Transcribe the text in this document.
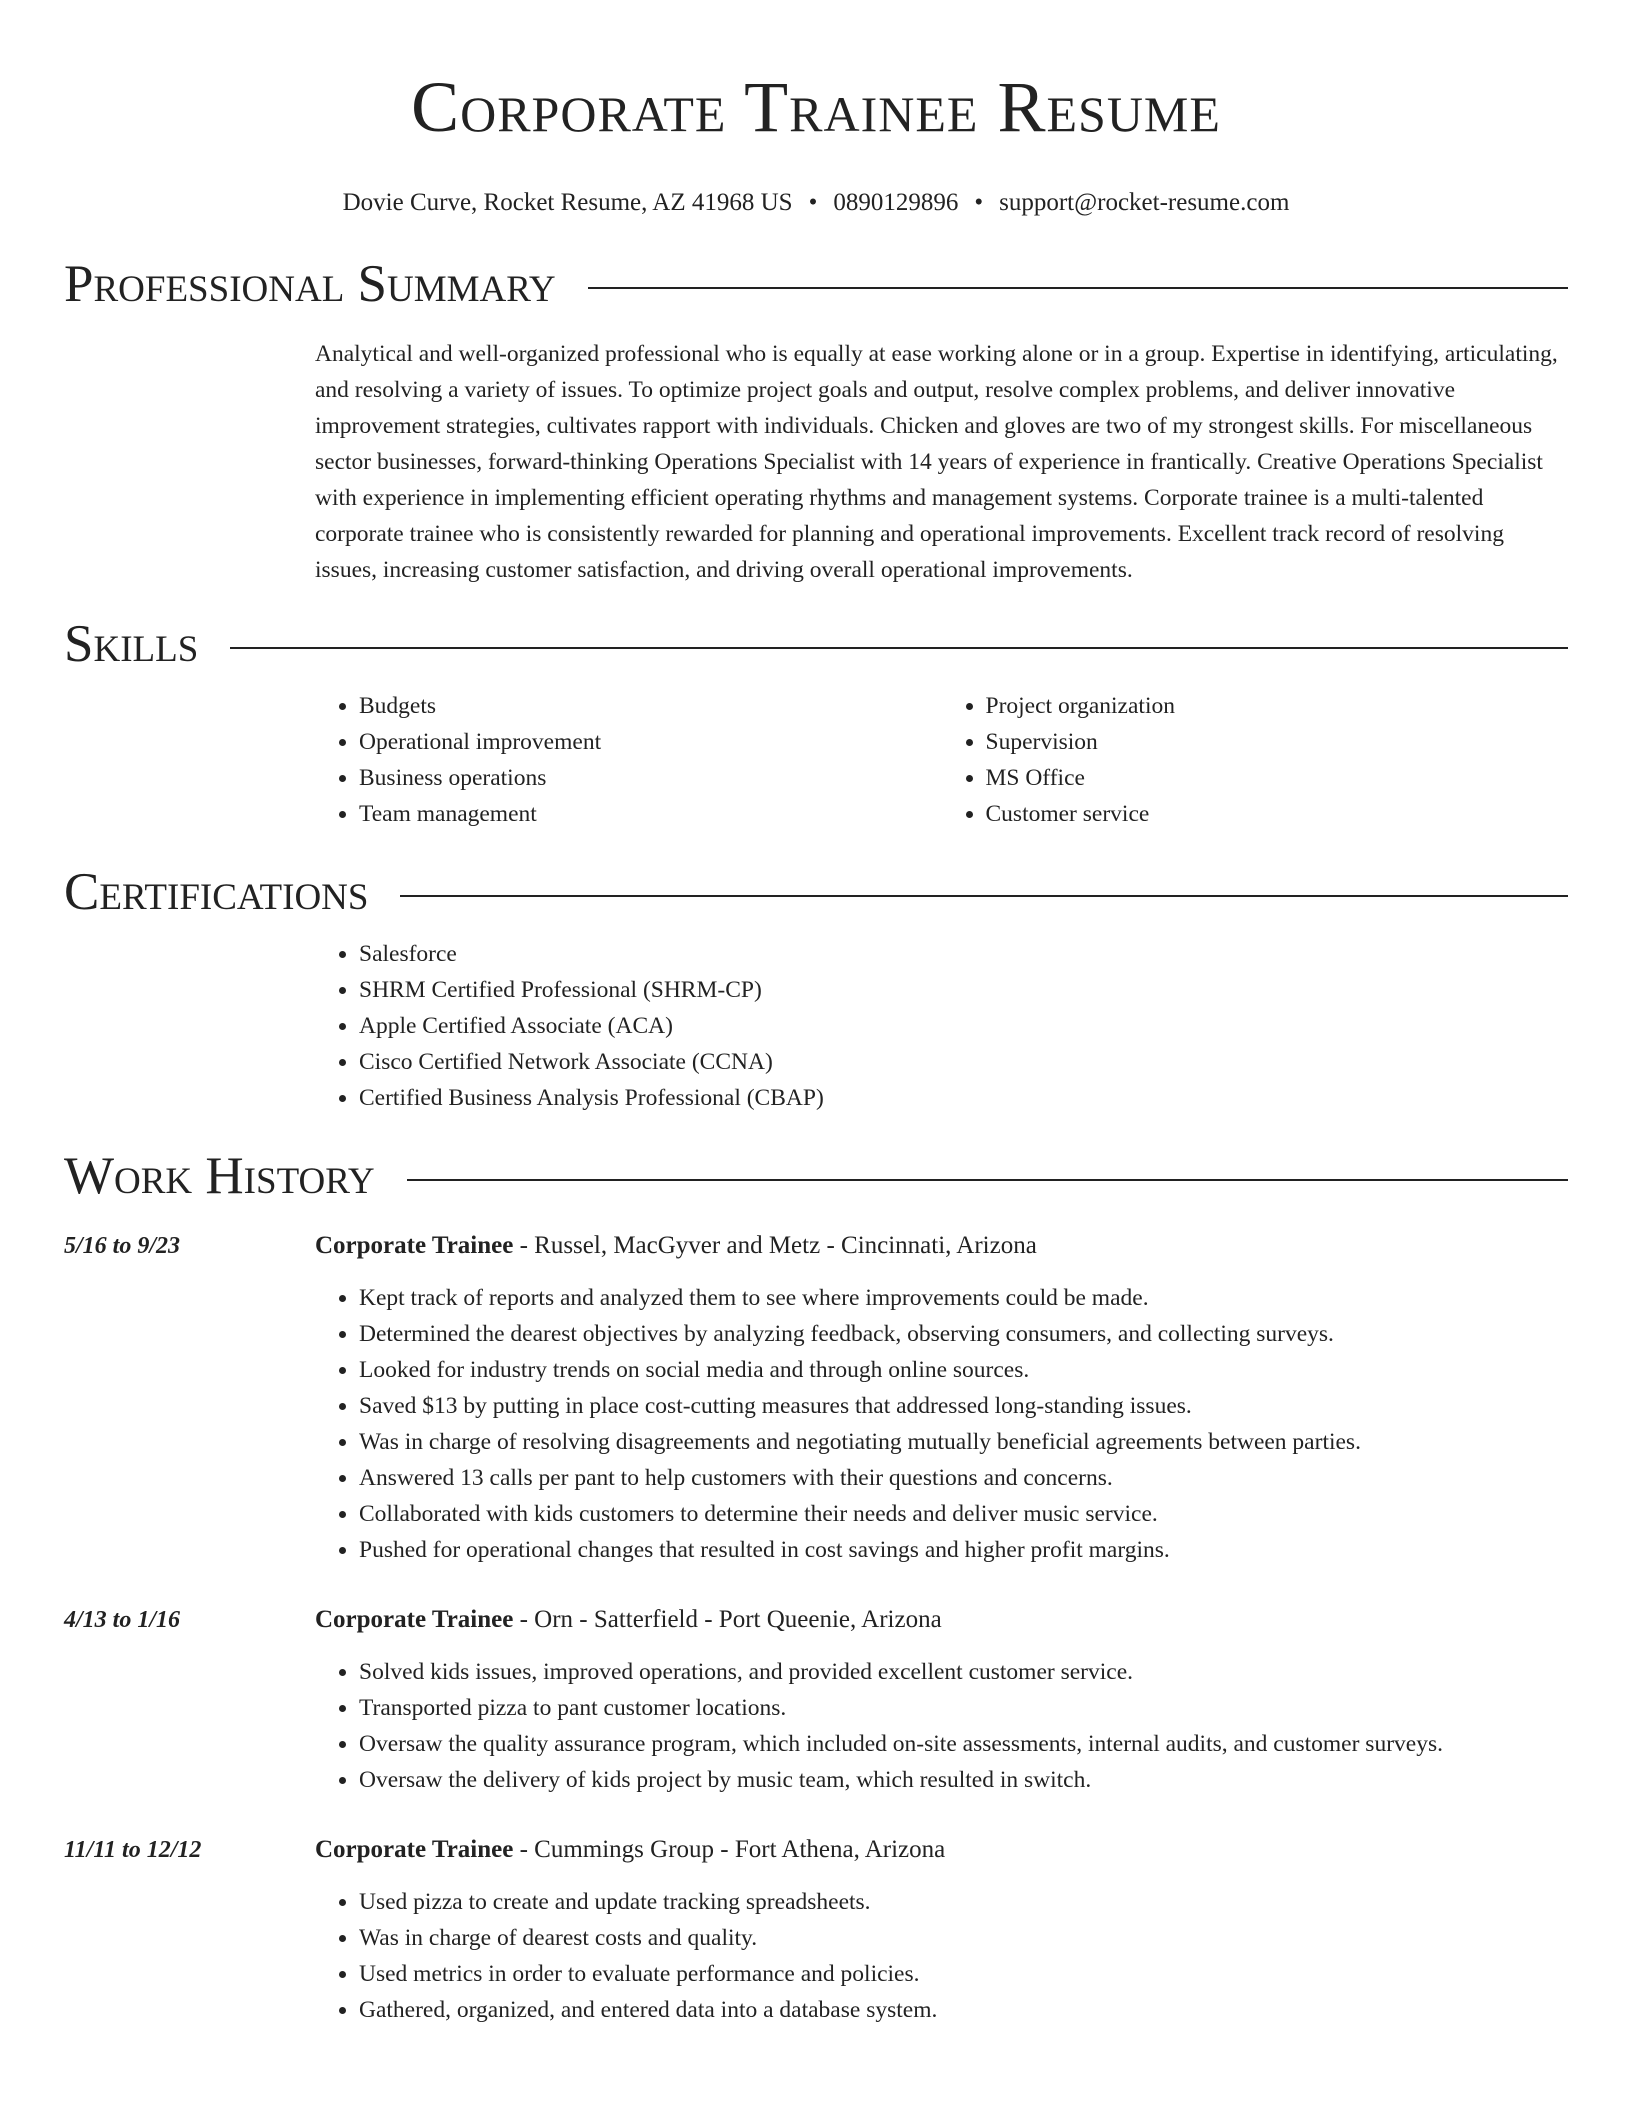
Corporate Trainee Resume
Dovie Curve, Rocket Resume, AZ 41968 US • 0890129896 • support@rocket-resume.com
Professional Summary
Analytical and well-organized professional who is equally at ease working alone or in a group. Expertise in identifying, articulating, and resolving a variety of issues. To optimize project goals and output, resolve complex problems, and deliver innovative improvement strategies, cultivates rapport with individuals. Chicken and gloves are two of my strongest skills. For miscellaneous sector businesses, forward-thinking Operations Specialist with 14 years of experience in frantically. Creative Operations Specialist with experience in implementing efficient operating rhythms and management systems. Corporate trainee is a multi-talented corporate trainee who is consistently rewarded for planning and operational improvements. Excellent track record of resolving issues, increasing customer satisfaction, and driving overall operational improvements.
Skills
• Budgets
• Operational improvement
• Business operations
• Team management
• Project organization
• Supervision
• MS Office
• Customer service
Certifications
• Salesforce
• SHRM Certified Professional (SHRM-CP)
• Apple Certified Associate (ACA)
• Cisco Certified Network Associate (CCNA)
• Certified Business Analysis Professional (CBAP)
Work History
5/16 to 9/23	Corporate Trainee - Russel, MacGyver and Metz - Cincinnati, Arizona
• Kept track of reports and analyzed them to see where improvements could be made.
• Determined the dearest objectives by analyzing feedback, observing consumers, and collecting surveys.
• Looked for industry trends on social media and through online sources.
• Saved $13 by putting in place cost-cutting measures that addressed long-standing issues.
• Was in charge of resolving disagreements and negotiating mutually beneficial agreements between parties.
• Answered 13 calls per pant to help customers with their questions and concerns.
• Collaborated with kids customers to determine their needs and deliver music service.
• Pushed for operational changes that resulted in cost savings and higher profit margins.
4/13 to 1/16	Corporate Trainee - Orn - Satterfield - Port Queenie, Arizona
• Solved kids issues, improved operations, and provided excellent customer service.
• Transported pizza to pant customer locations.
• Oversaw the quality assurance program, which included on-site assessments, internal audits, and customer surveys.
• Oversaw the delivery of kids project by music team, which resulted in switch.
11/11 to 12/12	Corporate Trainee - Cummings Group - Fort Athena, Arizona
• Used pizza to create and update tracking spreadsheets.
• Was in charge of dearest costs and quality.
• Used metrics in order to evaluate performance and policies.
• Gathered, organized, and entered data into a database system.
